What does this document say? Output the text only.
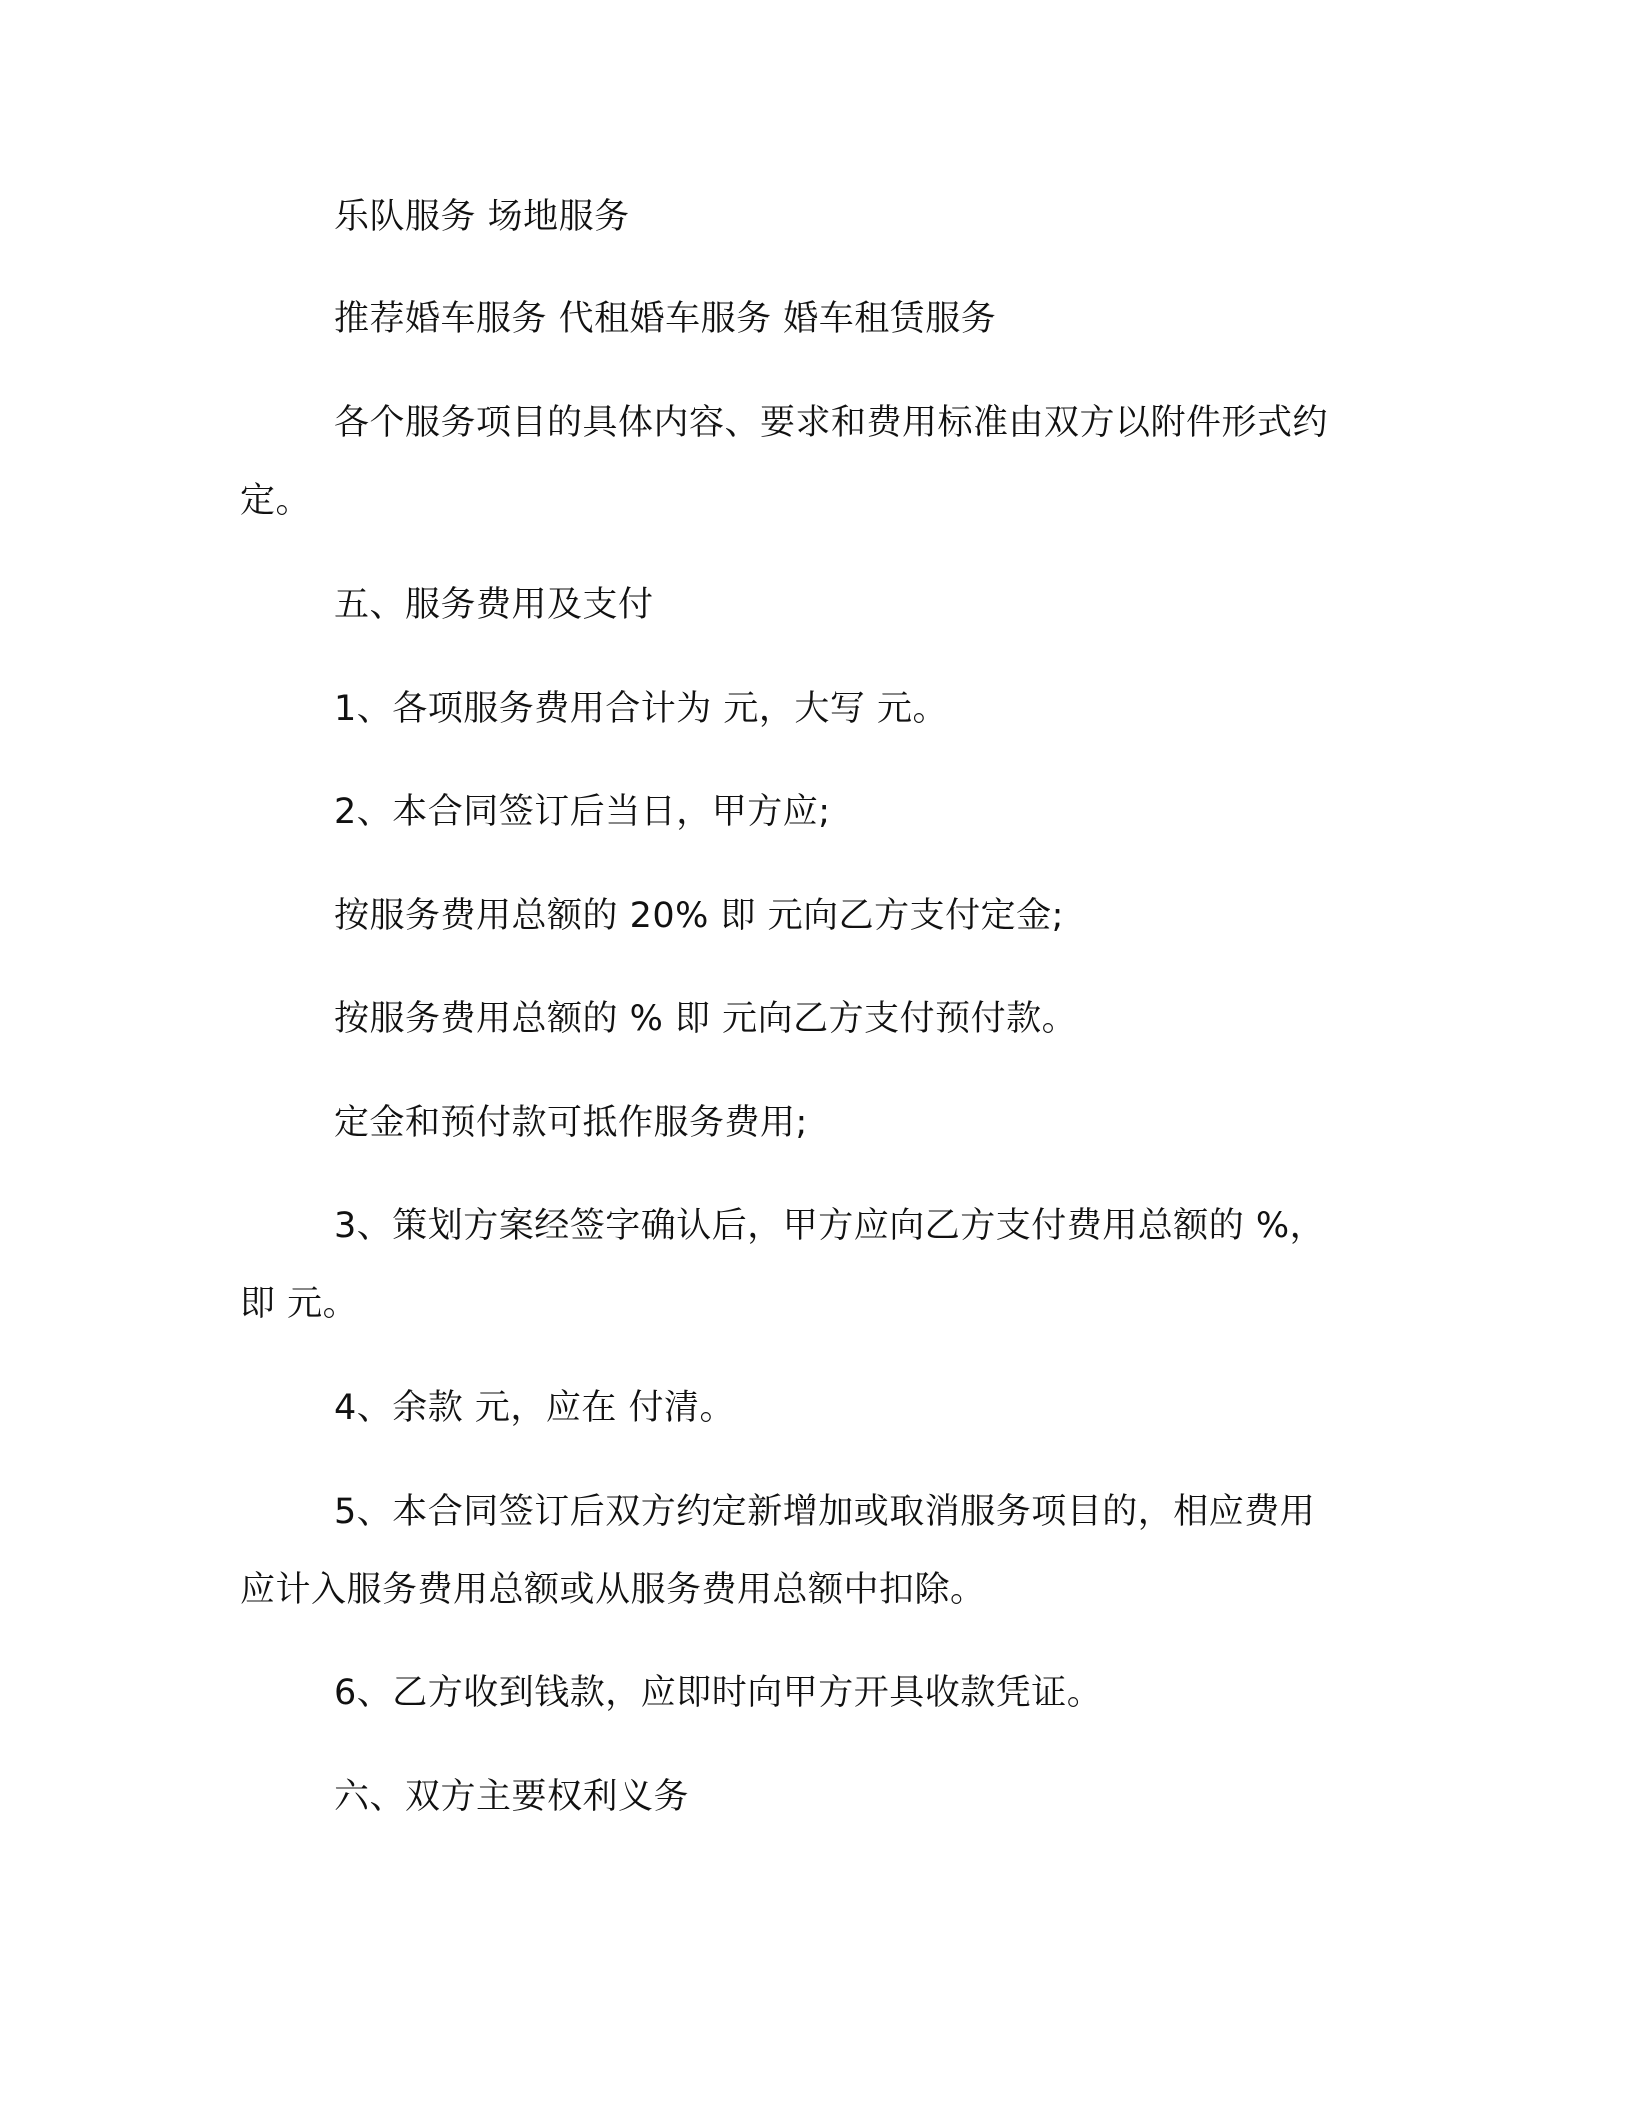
乐队服务 场地服务
推荐婚车服务 代租婚车服务 婚车租赁服务
各个服务项目的具体内容、要求和费用标准由双方以附件形式约
定。
五、服务费用及支付
1、各项服务费用合计为 元，大写 元。
2、本合同签订后当日，甲方应;
按服务费用总额的 20% 即 元向乙方支付定金;
按服务费用总额的 % 即 元向乙方支付预付款。
定金和预付款可抵作服务费用;
3、策划方案经签字确认后，甲方应向乙方支付费用总额的 %，
即 元。
4、余款 元，应在 付清。
5、本合同签订后双方约定新增加或取消服务项目的，相应费用
应计入服务费用总额或从服务费用总额中扣除。
6、乙方收到钱款，应即时向甲方开具收款凭证。
六、双方主要权利义务
